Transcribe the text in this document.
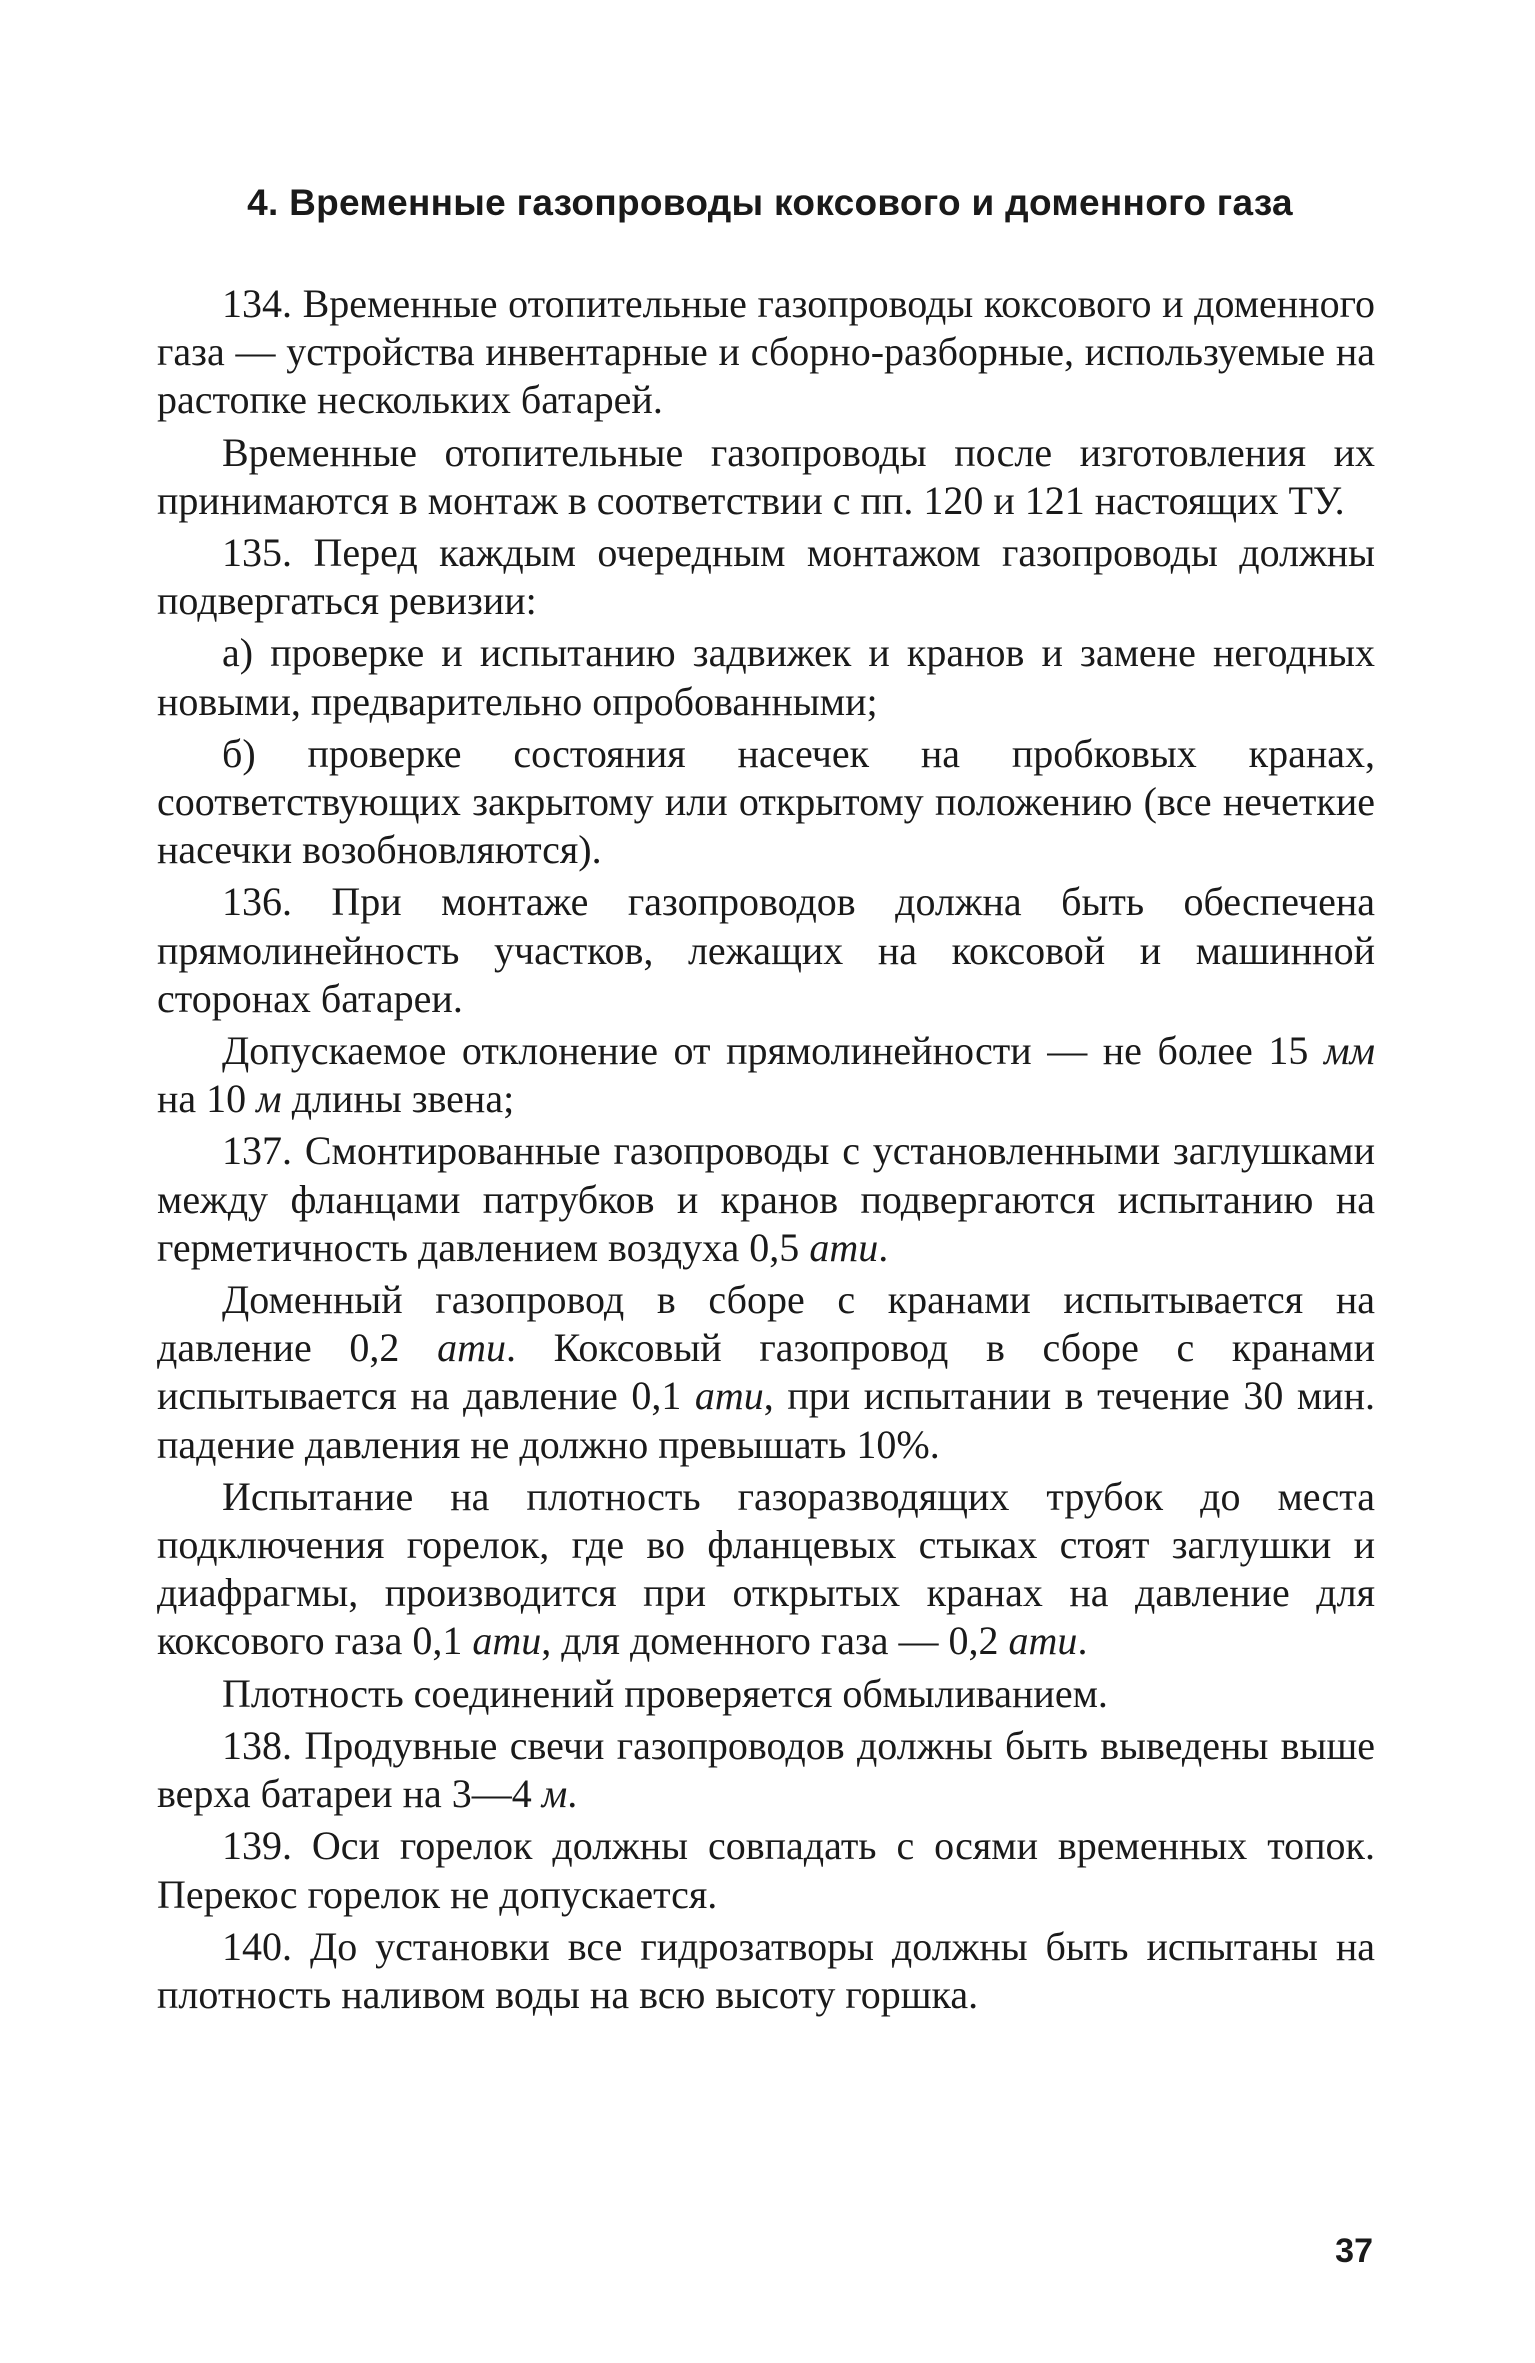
4. Временные газопроводы коксового и доменного газа

134. Временные отопительные газопроводы коксового и доменного газа — устройства инвентарные и сборно-разборные, используемые на растопке нескольких батарей.

Временные отопительные газопроводы после изготовления их принимаются в монтаж в соответствии с пп. 120 и 121 настоящих ТУ.

135. Перед каждым очередным монтажом газопроводы должны подвергаться ревизии:

а) проверке и испытанию задвижек и кранов и замене негодных новыми, предварительно опробованными;

б) проверке состояния насечек на пробковых кранах, соответствующих закрытому или открытому положению (все нечеткие насечки возобновляются).

136. При монтаже газопроводов должна быть обеспечена прямолинейность участков, лежащих на коксовой и машинной сторонах батареи.

Допускаемое отклонение от прямолинейности — не более 15 мм на 10 м длины звена;

137. Смонтированные газопроводы с установленными заглушками между фланцами патрубков и кранов подвергаются испытанию на герметичность давлением воздуха 0,5 ати.

Доменный газопровод в сборе с кранами испытывается на давление 0,2 ати. Коксовый газопровод в сборе с кранами испытывается на давление 0,1 ати, при испытании в течение 30 мин. падение давления не должно превышать 10%.

Испытание на плотность газоразводящих трубок до места подключения горелок, где во фланцевых стыках стоят заглушки и диафрагмы, производится при открытых кранах на давление для коксового газа 0,1 ати, для доменного газа — 0,2 ати.

Плотность соединений проверяется обмыливанием.

138. Продувные свечи газопроводов должны быть выведены выше верха батареи на 3—4 м.

139. Оси горелок должны совпадать с осями временных топок. Перекос горелок не допускается.

140. До установки все гидрозатворы должны быть испытаны на плотность наливом воды на всю высоту горшка.

37
